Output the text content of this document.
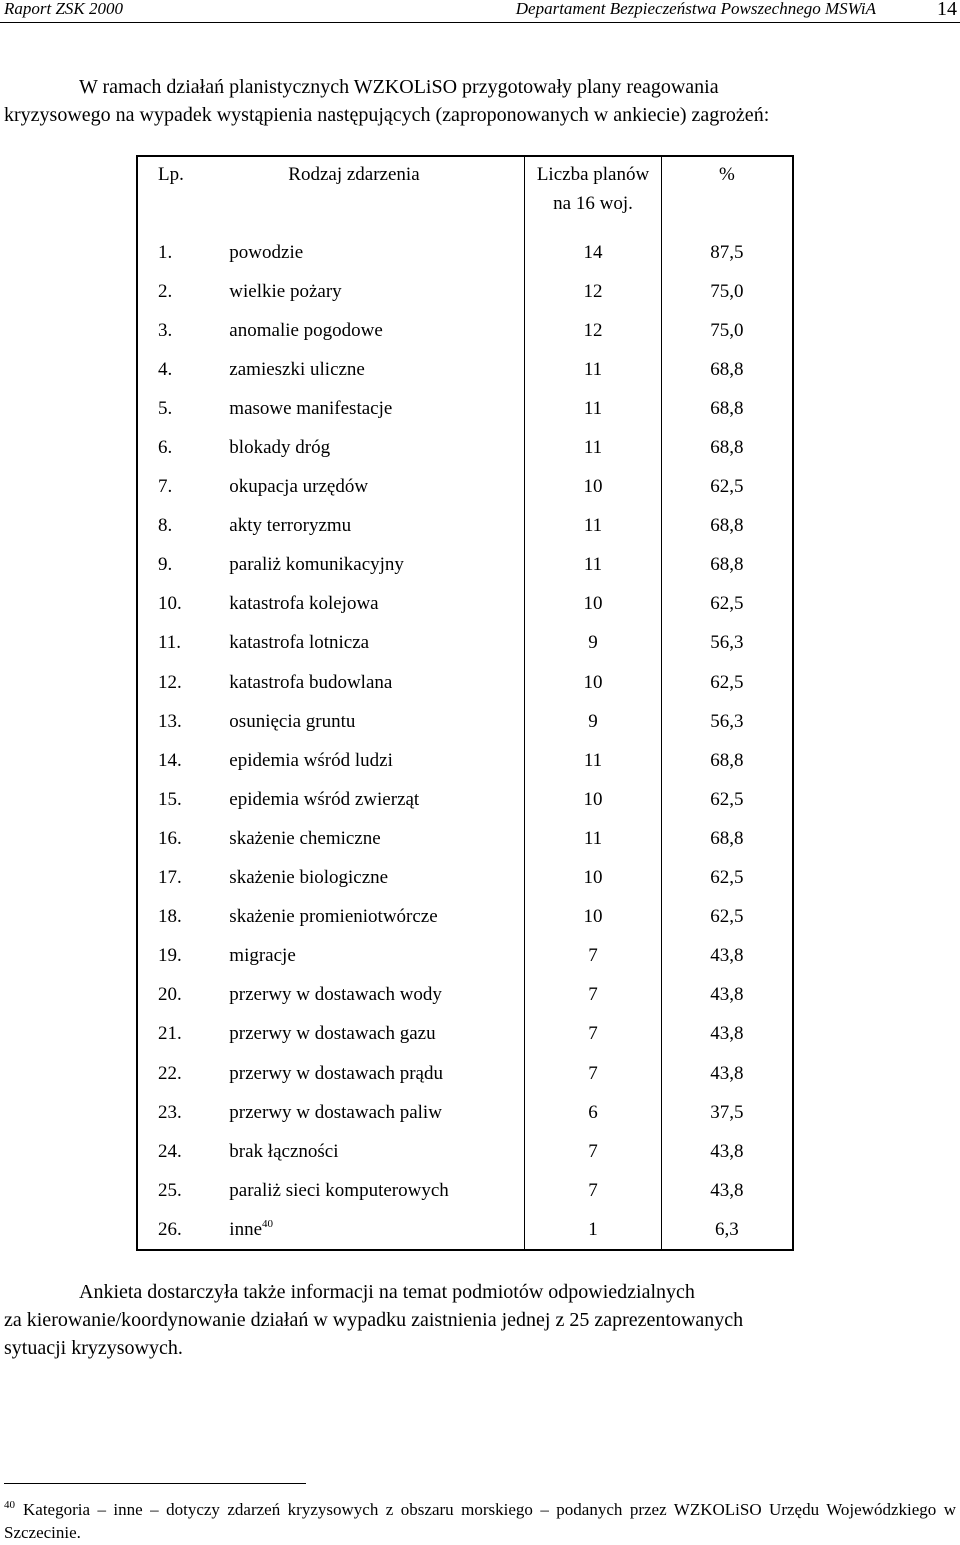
Raport ZSK 2000	Departament Bezpieczeństwa Powszechnego MSWiA	14
W ramach działań planistycznych WZKOLiSO przygotowały plany reagowania
kryzysowego na wypadek wystąpienia następujących (zaproponowanych w ankiecie) zagrożeń:
Lp.	Rodzaj zdarzenia	Liczba planów	%
		na 16 woj.	
1.	powodzie	14	87,5
2.	wielkie pożary	12	75,0
3.	anomalie pogodowe	12	75,0
4.	zamieszki uliczne	11	68,8
5.	masowe manifestacje	11	68,8
6.	blokady dróg	11	68,8
7.	okupacja urzędów	10	62,5
8.	akty terroryzmu	11	68,8
9.	paraliż komunikacyjny	11	68,8
10.	katastrofa kolejowa	10	62,5
11.	katastrofa lotnicza	9	56,3
12.	katastrofa budowlana	10	62,5
13.	osunięcia gruntu	9	56,3
14.	epidemia wśród ludzi	11	68,8
15.	epidemia wśród zwierząt	10	62,5
16.	skażenie chemiczne	11	68,8
17.	skażenie biologiczne	10	62,5
18.	skażenie promieniotwórcze	10	62,5
19.	migracje	7	43,8
20.	przerwy w dostawach wody	7	43,8
21.	przerwy w dostawach gazu	7	43,8
22.	przerwy w dostawach prądu	7	43,8
23.	przerwy w dostawach paliw	6	37,5
24.	brak łączności	7	43,8
25.	paraliż sieci komputerowych	7	43,8
26.	inne$^{40}$	1	6,3
Ankieta dostarczyła także informacji na temat podmiotów odpowiedzialnych
za kierowanie/koordynowanie działań w wypadku zaistnienia jednej z 25 zaprezentowanych
sytuacji kryzysowych.
$^{40}$ Kategoria – inne – dotyczy zdarzeń kryzysowych z obszaru morskiego – podanych przez WZKOLiSO Urzędu Wojewódzkiego w Szczecinie.
